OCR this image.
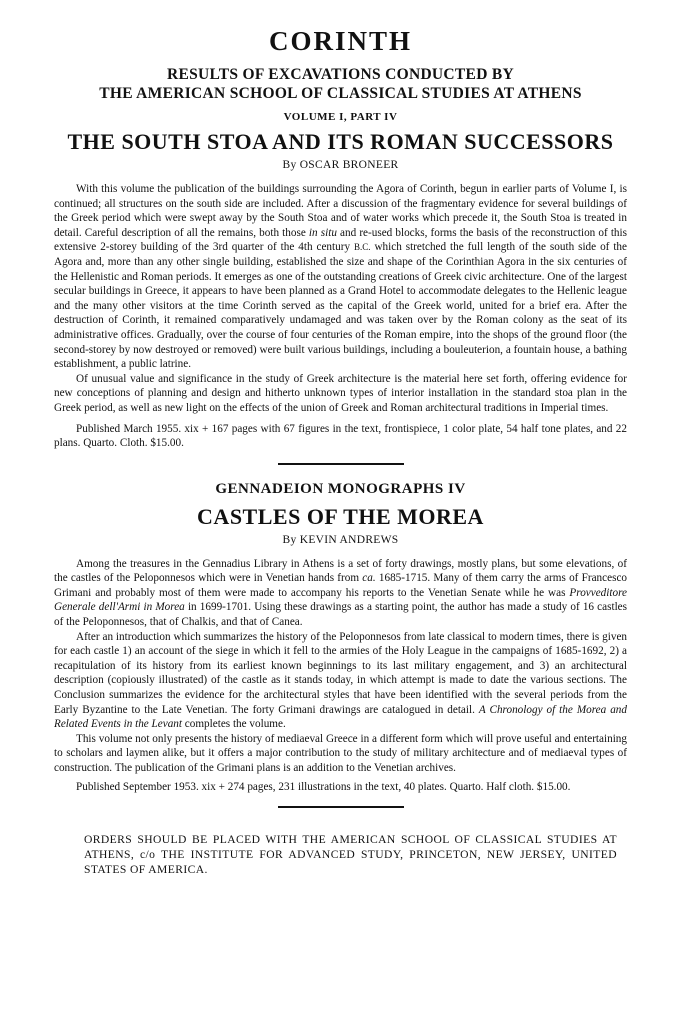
CORINTH
RESULTS OF EXCAVATIONS CONDUCTED BY
THE AMERICAN SCHOOL OF CLASSICAL STUDIES AT ATHENS
VOLUME I, PART IV
THE SOUTH STOA AND ITS ROMAN SUCCESSORS
By OSCAR BRONEER

With this volume the publication of the buildings surrounding the Agora of Corinth, begun in earlier parts of Volume I, is continued; all structures on the south side are included. After a discussion of the fragmentary evidence for several buildings of the Greek period which were swept away by the South Stoa and of water works which precede it, the South Stoa is treated in detail. Careful description of all the remains, both those in situ and re-used blocks, forms the basis of the reconstruction of this extensive 2-storey building of the 3rd quarter of the 4th century B.C. which stretched the full length of the south side of the Agora and, more than any other single building, established the size and shape of the Corinthian Agora in the six centuries of the Hellenistic and Roman periods. It emerges as one of the outstanding creations of Greek civic architecture. One of the largest secular buildings in Greece, it appears to have been planned as a Grand Hotel to accommodate delegates to the Hellenic league and the many other visitors at the time Corinth served as the capital of the Greek world, united for a brief era. After the destruction of Corinth, it remained comparatively undamaged and was taken over by the Roman colony as the seat of its administrative offices. Gradually, over the course of four centuries of the Roman empire, into the shops of the ground floor (the second-storey by now destroyed or removed) were built various buildings, including a bouleuterion, a fountain house, a bathing establishment, a public latrine.

Of unusual value and significance in the study of Greek architecture is the material here set forth, offering evidence for new conceptions of planning and design and hitherto unknown types of interior installation in the standard stoa plan in the Greek period, as well as new light on the effects of the union of Greek and Roman architectural traditions in Imperial times.

Published March 1955. xix + 167 pages with 67 figures in the text, frontispiece, 1 color plate, 54 half tone plates, and 22 plans. Quarto. Cloth. $15.00.
GENNADEION MONOGRAPHS IV
CASTLES OF THE MOREA
By KEVIN ANDREWS

Among the treasures in the Gennadius Library in Athens is a set of forty drawings, mostly plans, but some elevations, of the castles of the Peloponnesos which were in Venetian hands from ca. 1685-1715. Many of them carry the arms of Francesco Grimani and probably most of them were made to accompany his reports to the Venetian Senate while he was Provveditore Generale dell'Armi in Morea in 1699-1701. Using these drawings as a starting point, the author has made a study of 16 castles of the Peloponnesos, that of Chalkis, and that of Canea.

After an introduction which summarizes the history of the Peloponnesos from late classical to modern times, there is given for each castle 1) an account of the siege in which it fell to the armies of the Holy League in the campaigns of 1685-1692, 2) a recapitulation of its history from its earliest known beginnings to its last military engagement, and 3) an architectural description (copiously illustrated) of the castle as it stands today, in which attempt is made to date the various sections. The Conclusion summarizes the evidence for the architectural styles that have been identified with the several periods from the Early Byzantine to the Late Venetian. The forty Grimani drawings are catalogued in detail. A Chronology of the Morea and Related Events in the Levant completes the volume.

This volume not only presents the history of mediaeval Greece in a different form which will prove useful and entertaining to scholars and laymen alike, but it offers a major contribution to the study of military architecture and of mediaeval types of construction. The publication of the Grimani plans is an addition to the Venetian archives.

Published September 1953. xix + 274 pages, 231 illustrations in the text, 40 plates. Quarto. Half cloth. $15.00.
ORDERS SHOULD BE PLACED WITH THE AMERICAN SCHOOL OF CLASSICAL STUDIES AT ATHENS, c/o THE INSTITUTE FOR ADVANCED STUDY, PRINCETON, NEW JERSEY, UNITED STATES OF AMERICA.
